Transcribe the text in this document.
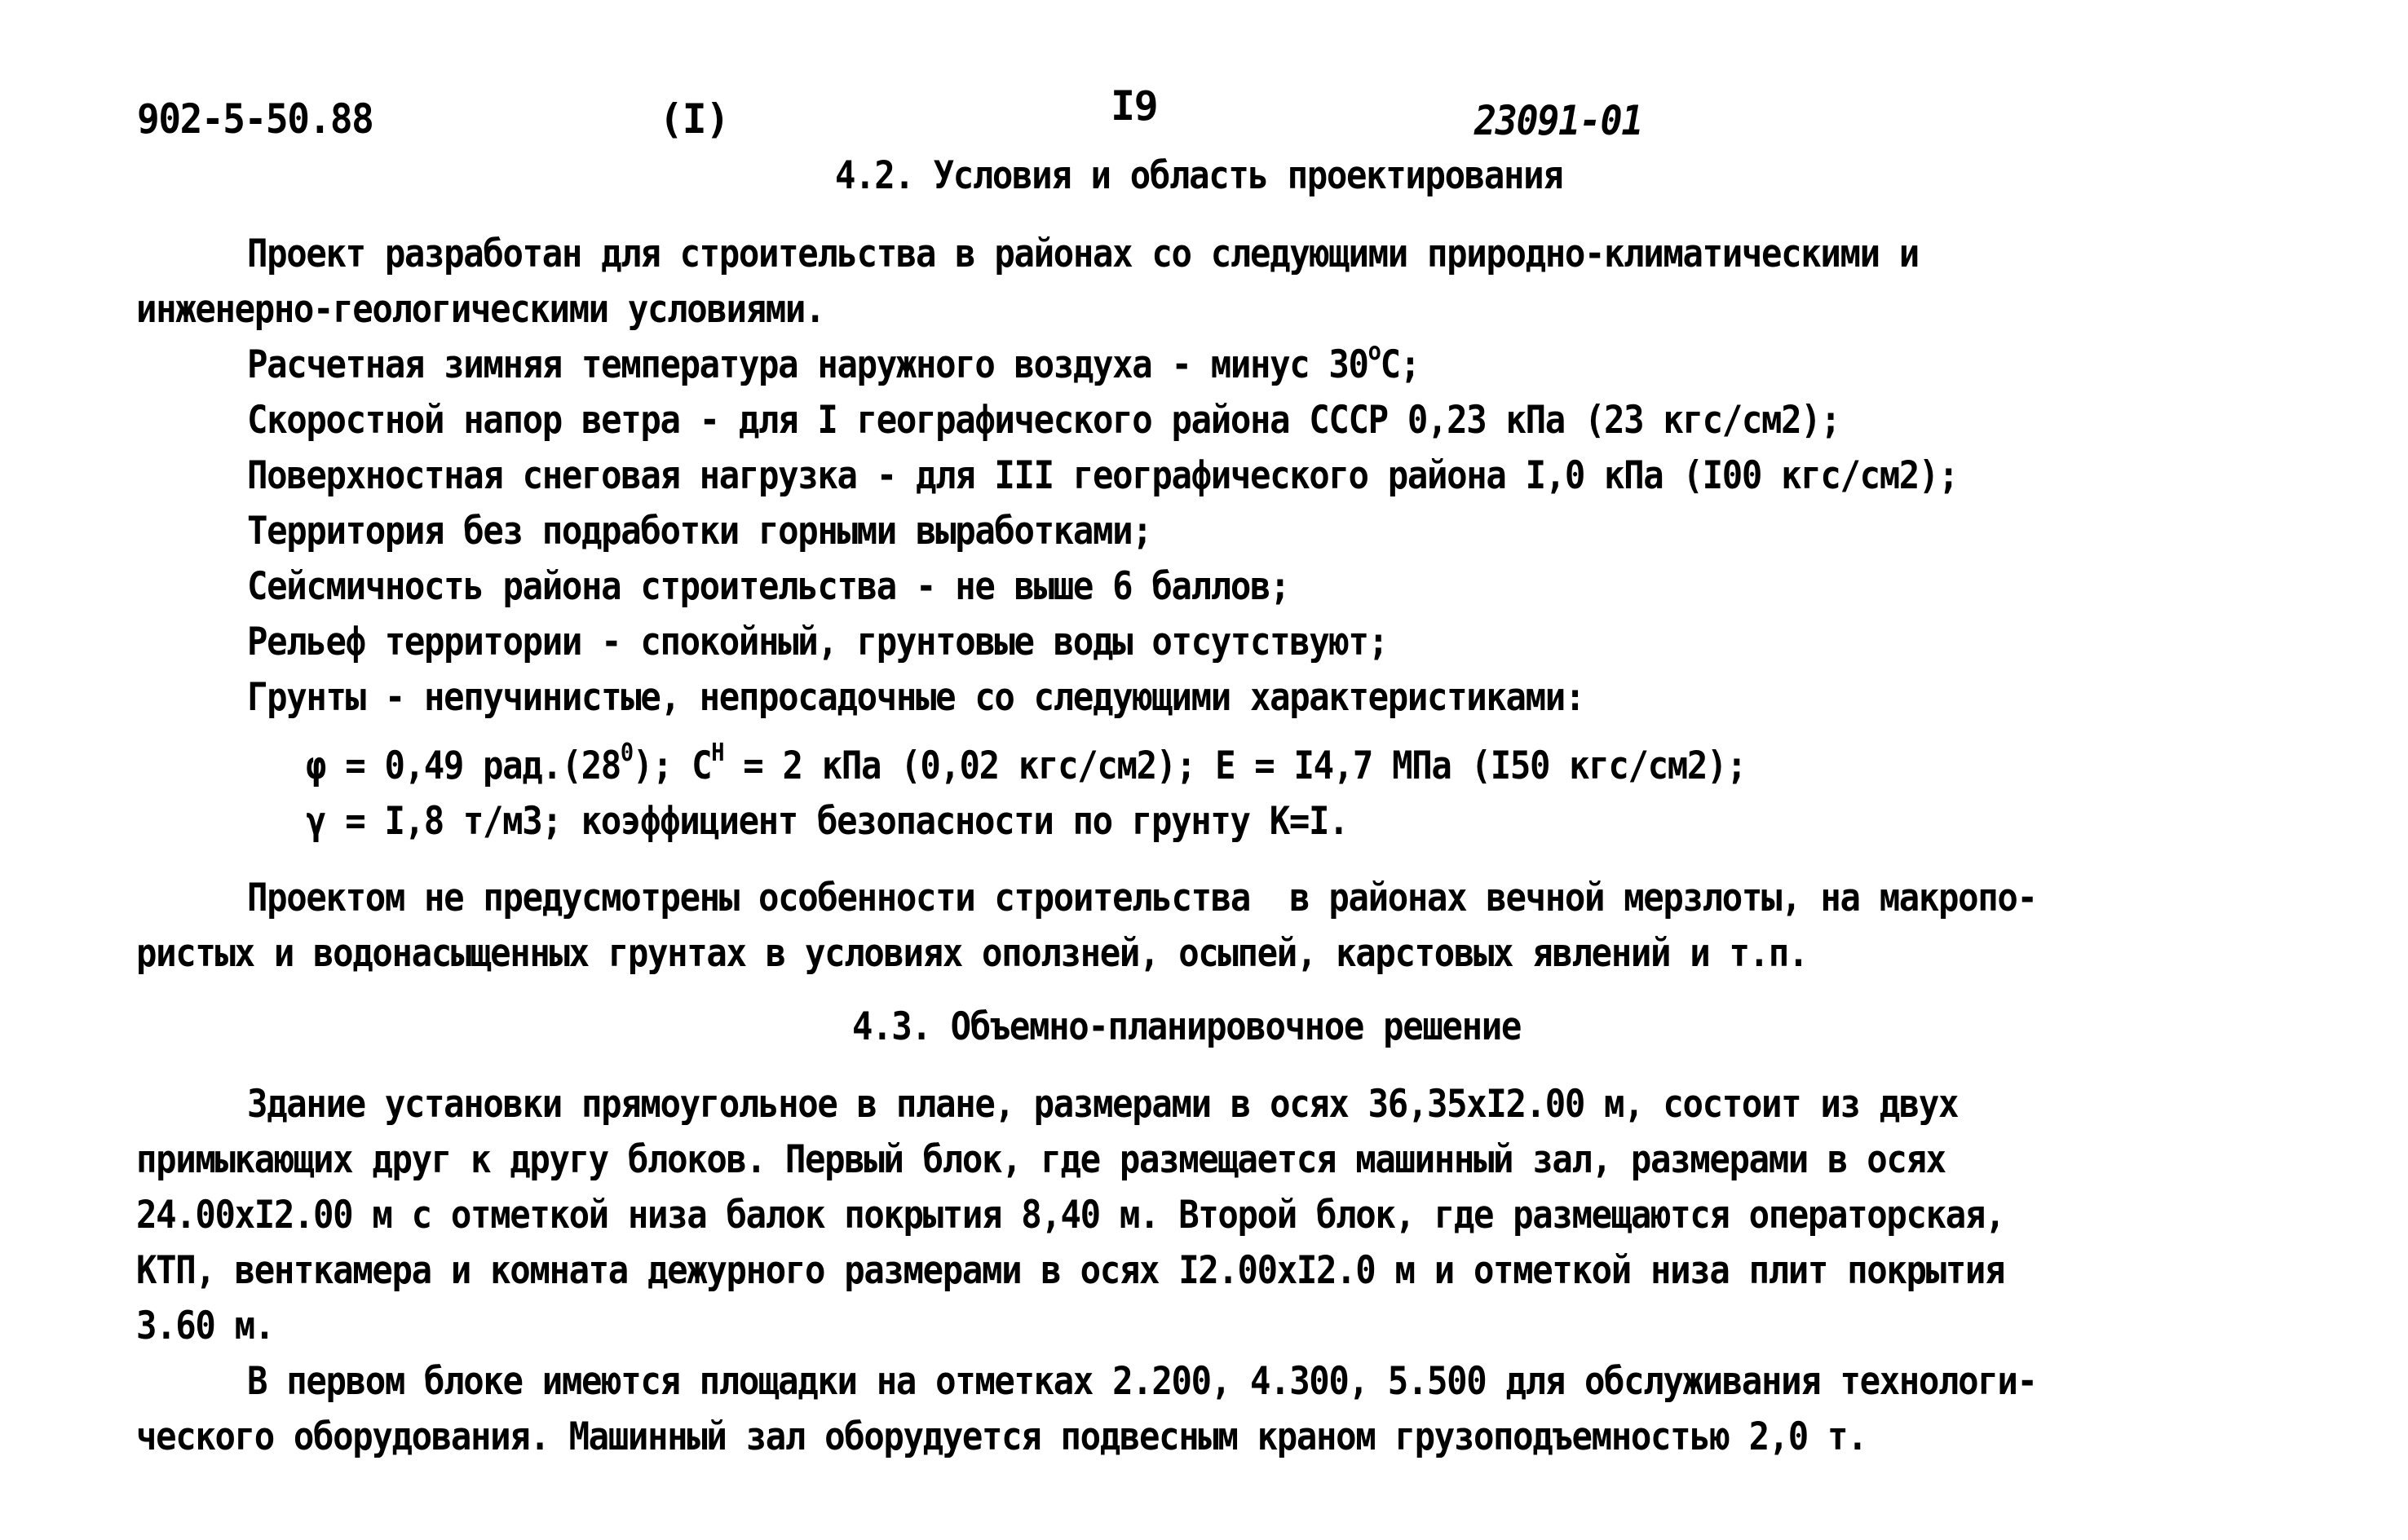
902-5-50.88	(I)	I9	23091-01
4.2. Условия и область проектирования
Проект разработан для строительства в районах со следующими природно-климатическими и
инженерно-геологическими условиями.
Расчетная зимняя температура наружного воздуха - минус 30$^o$C;
Скоростной напор ветра - для I географического района СССР 0,23 кПа (23 кгс/см2);
Поверхностная снеговая нагрузка - для III географического района I,0 кПа (I00 кгс/см2);
Территория без подработки горными выработками;
Сейсмичность района строительства - не выше 6 баллов;
Рельеф территории - спокойный, грунтовые воды отсутствуют;
Грунты - непучинистые, непросадочные со следующими характеристиками:
φ = 0,49 $рад.(28^0)$; $C^H = 2$ кПа (0,02 кгс/см2); E = I4,7 МПа (I50 кгс/см2);
γ = I,8 т/м3; коэффициент безопасности по грунту K=I.
Проектом не предусмотрены особенности строительства  в районах вечной мерзлоты, на макропо-
ристых и водонасыщенных грунтах в условиях оползней, осыпей, карстовых явлений и т.п.
4.3. Объемно-планировочное решение
Здание установки прямоугольное в плане, размерами в осях 36,35xI2.00 м, состоит из двух
примыкающих друг к другу блоков. Первый блок, где размещается машинный зал, размерами в осях
24.00xI2.00 м с отметкой низа балок покрытия 8,40 м. Второй блок, где размещаются операторская,
КТП, венткамера и комната дежурного размерами в осях I2.00xI2.0 м и отметкой низа плит покрытия
3.60 м.
В первом блоке имеются площадки на отметках 2.200, 4.300, 5.500 для обслуживания технологи-
ческого оборудования. Машинный зал оборудуется подвесным краном грузоподъемностью 2,0 т.
